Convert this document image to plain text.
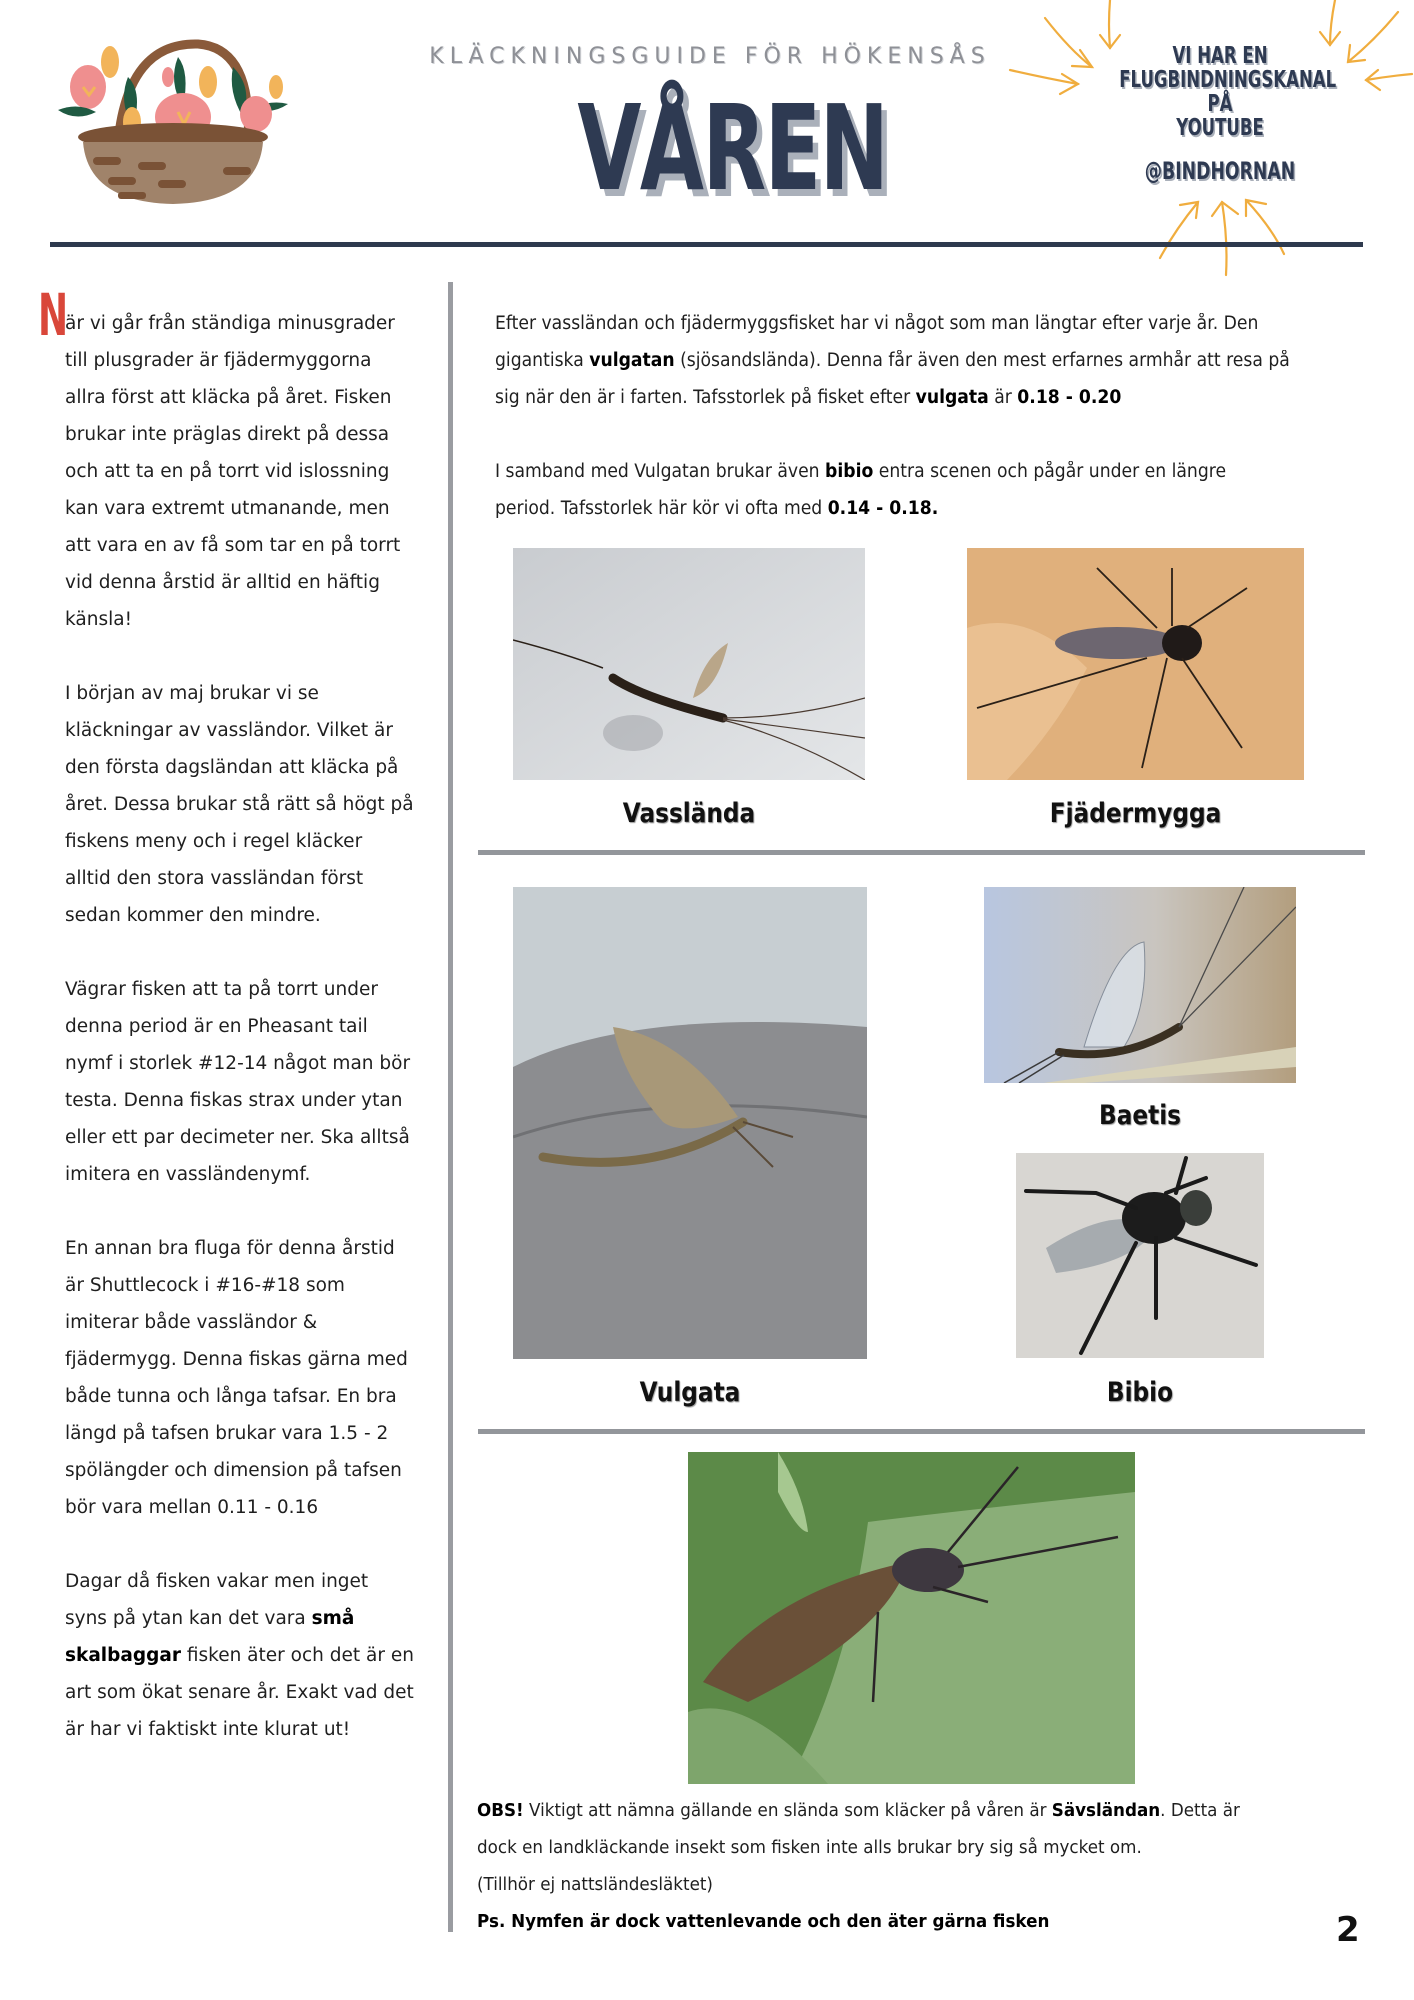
KLÄCKNINGSGUIDE FÖR HÖKENSÅS
VÅREN
VI HAR EN
FLUGBINDNINGSKANAL PÅ
YOUTUBE
@BINDHORNAN
N

är vi går från ständiga minusgrader
till plusgrader är fjädermyggorna
allra först att kläcka på året. Fisken
brukar inte präglas direkt på dessa
och att ta en på torrt vid islossning
kan vara extremt utmanande, men
att vara en av få som tar en på torrt
vid denna årstid är alltid en häftig
känsla!

I början av maj brukar vi se
kläckningar av vassländor. Vilket är
den första dagsländan att kläcka på
året. Dessa brukar stå rätt så högt på
fiskens meny och i regel kläcker
alltid den stora vassländan först
sedan kommer den mindre.

Vägrar fisken att ta på torrt under
denna period är en Pheasant tail
nymf i storlek #12-14 något man bör
testa. Denna fiskas strax under ytan
eller ett par decimeter ner. Ska alltså
imitera en vassländenymf.

En annan bra fluga för denna årstid
är Shuttlecock i #16-#18 som
imiterar både vassländor &
fjädermygg. Denna fiskas gärna med
både tunna och långa tafsar. En bra
längd på tafsen brukar vara 1.5 - 2
spölängder och dimension på tafsen
bör vara mellan 0.11 - 0.16

Dagar då fisken vakar men inget
syns på ytan kan det vara små
skalbaggar fisken äter och det är en
art som ökat senare år. Exakt vad det
är har vi faktiskt inte klurat ut!

Efter vassländan och fjädermyggsfisket har vi något som man längtar efter varje år. Den
gigantiska vulgatan (sjösandslända). Denna får även den mest erfarnes armhår att resa på
sig när den är i farten. Tafsstorlek på fisket efter vulgata är 0.18 - 0.20

I samband med Vulgatan brukar även bibio entra scenen och pågår under en längre
period. Tafsstorlek här kör vi ofta med 0.14 - 0.18.

Vasslända	Fjädermygga
Baetis
Vulgata	Bibio
OBS! Viktigt att nämna gällande en slända som kläcker på våren är Sävsländan. Detta är
dock en landkläckande insekt som fisken inte alls brukar bry sig så mycket om.
(Tillhör ej nattsländesläktet)
Ps. Nymfen är dock vattenlevande och den äter gärna fisken	2
